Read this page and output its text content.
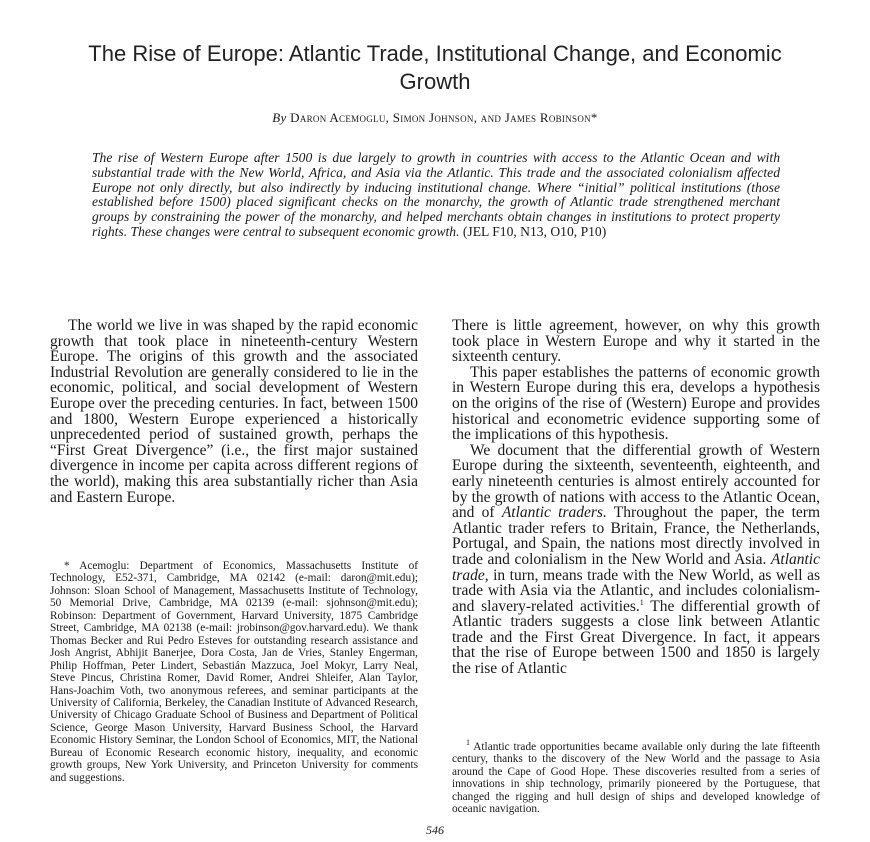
The Rise of Europe: Atlantic Trade, Institutional Change, and Economic Growth
By Daron Acemoglu, Simon Johnson, and James Robinson*
The rise of Western Europe after 1500 is due largely to growth in countries with access to the Atlantic Ocean and with substantial trade with the New World, Africa, and Asia via the Atlantic. This trade and the associated colonialism affected Europe not only directly, but also indirectly by inducing institutional change. Where “initial” political institutions (those established before 1500) placed significant checks on the monarchy, the growth of Atlantic trade strengthened merchant groups by constraining the power of the monarchy, and helped merchants obtain changes in institutions to protect property rights. These changes were central to subsequent economic growth. (JEL F10, N13, O10, P10)

The world we live in was shaped by the rapid economic growth that took place in nineteenth-century Western Europe. The origins of this growth and the associated Industrial Revolution are generally considered to lie in the economic, political, and social development of Western Europe over the preceding centuries. In fact, between 1500 and 1800, Western Europe experienced a historically unprecedented period of sustained growth, perhaps the “First Great Divergence” (i.e., the first major sustained divergence in income per capita across different regions of the world), making this area substantially richer than Asia and Eastern Europe.

There is little agreement, however, on why this growth took place in Western Europe and why it started in the sixteenth century.

This paper establishes the patterns of economic growth in Western Europe during this era, develops a hypothesis on the origins of the rise of (Western) Europe and provides historical and econometric evidence supporting some of the implications of this hypothesis.

We document that the differential growth of Western Europe during the sixteenth, seventeenth, eighteenth, and early nineteenth centuries is almost entirely accounted for by the growth of nations with access to the Atlantic Ocean, and of Atlantic traders. Throughout the paper, the term Atlantic trader refers to Britain, France, the Netherlands, Portugal, and Spain, the nations most directly involved in trade and colonialism in the New World and Asia. Atlantic trade, in turn, means trade with the New World, as well as trade with Asia via the Atlantic, and includes colonialism- and slavery-related activities.$^1$ The differential growth of Atlantic traders suggests a close link between Atlantic trade and the First Great Divergence. In fact, it appears that the rise of Europe between 1500 and 1850 is largely the rise of Atlantic

* Acemoglu: Department of Economics, Massachusetts Institute of Technology, E52-371, Cambridge, MA 02142 (e-mail: daron@mit.edu); Johnson: Sloan School of Management, Massachusetts Institute of Technology, 50 Memorial Drive, Cambridge, MA 02139 (e-mail: sjohnson@mit.edu); Robinson: Department of Government, Harvard University, 1875 Cambridge Street, Cambridge, MA 02138 (e-mail: jrobinson@gov.harvard.edu). We thank Thomas Becker and Rui Pedro Esteves for outstanding research assistance and Josh Angrist, Abhijit Banerjee, Dora Costa, Jan de Vries, Stanley Engerman, Philip Hoffman, Peter Lindert, Sebastián Mazzuca, Joel Mokyr, Larry Neal, Steve Pincus, Christina Romer, David Romer, Andrei Shleifer, Alan Taylor, Hans-Joachim Voth, two anonymous referees, and seminar participants at the University of California, Berkeley, the Canadian Institute of Advanced Research, University of Chicago Graduate School of Business and Department of Political Science, George Mason University, Harvard Business School, the Harvard Economic History Seminar, the London School of Economics, MIT, the National Bureau of Economic Research economic history, inequality, and economic growth groups, New York University, and Princeton University for comments and suggestions.
$^1$ Atlantic trade opportunities became available only during the late fifteenth century, thanks to the discovery of the New World and the passage to Asia around the Cape of Good Hope. These discoveries resulted from a series of innovations in ship technology, primarily pioneered by the Portuguese, that changed the rigging and hull design of ships and developed knowledge of oceanic navigation.
546
